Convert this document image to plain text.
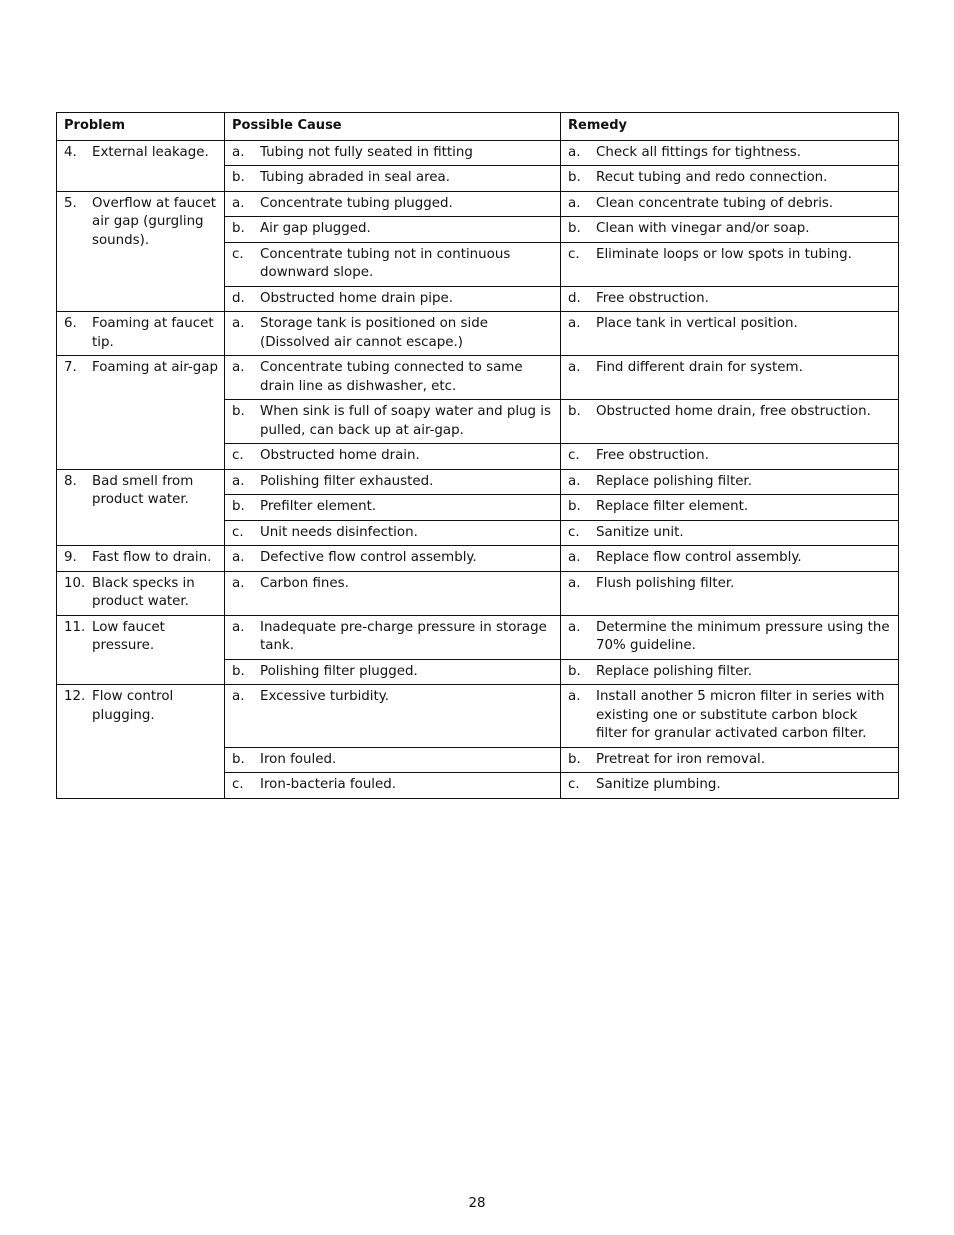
Problem	Possible Cause	Remedy

4. External leakage.	a. Tubing not fully seated in fitting	a. Check all fittings for tightness.

	b. Tubing abraded in seal area.	b. Recut tubing and redo connection.

5. Overflow at faucet air gap (gurgling sounds).	a. Concentrate tubing plugged.	a. Clean concentrate tubing of debris.

	b. Air gap plugged.	b. Clean with vinegar and/or soap.

	c. Concentrate tubing not in continuous downward slope.	c. Eliminate loops or low spots in tubing.

	d. Obstructed home drain pipe.	d. Free obstruction.

6. Foaming at faucet tip.	a. Storage tank is positioned on side (Dissolved air cannot escape.)	a. Place tank in vertical position.

7. Foaming at air-gap	a. Concentrate tubing connected to same drain line as dishwasher, etc.	a. Find different drain for system.

	b. When sink is full of soapy water and plug is pulled, can back up at air-gap.	b. Obstructed home drain, free obstruction.

	c. Obstructed home drain.	c. Free obstruction.

8. Bad smell from product water.	a. Polishing filter exhausted.	a. Replace polishing filter.

	b. Prefilter element.	b. Replace filter element.

	c. Unit needs disinfection.	c. Sanitize unit.

9. Fast flow to drain.	a. Defective flow control assembly.	a. Replace flow control assembly.

10. Black specks in product water.	a. Carbon fines.	a. Flush polishing filter.

11. Low faucet pressure.	a. Inadequate pre-charge pressure in storage tank.	a. Determine the minimum pressure using the 70% guideline.

	b. Polishing filter plugged.	b. Replace polishing filter.

12. Flow control plugging.	a. Excessive turbidity.	a. Install another 5 micron filter in series with existing one or substitute carbon block filter for granular activated carbon filter.

	b. Iron fouled.	b. Pretreat for iron removal.

	c. Iron-bacteria fouled.	c. Sanitize plumbing.
28
